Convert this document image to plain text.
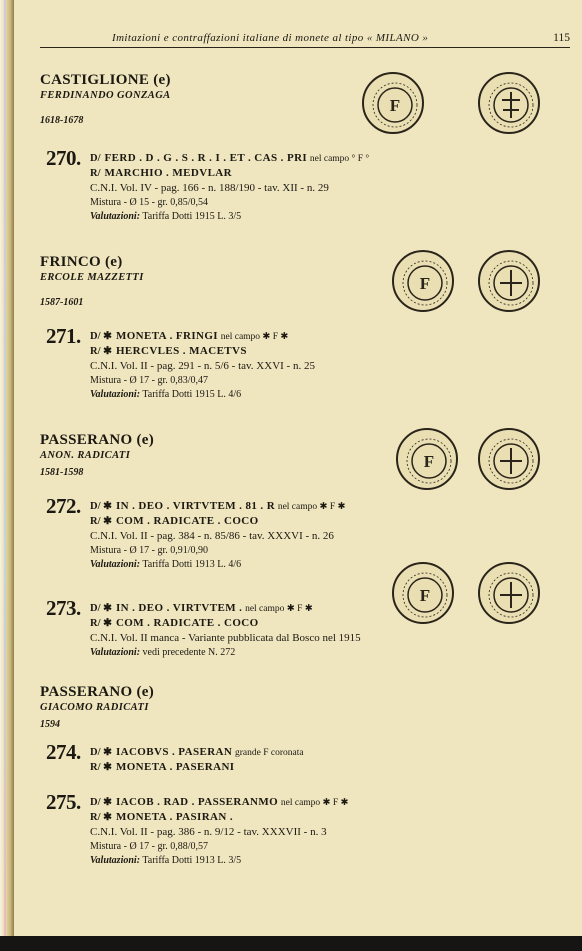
Imitazioni e contraffazioni italiane di monete al tipo « MILANO »	115
CASTIGLIONE (e)
FERDINANDO GONZAGA
1618-1678
F
270. D/ FERD . D . G . S . R . I . ET . CAS . PRI nel campo ° F °
R/ MARCHIO . MEDVLAR
C.N.I. Vol. IV - pag. 166 - n. 188/190 - tav. XII - n. 29
Mistura - Ø 15 - gr. 0,85/0,54
Valutazioni: Tariffa Dotti 1915 L. 3/5
FRINCO (e)
ERCOLE MAZZETTI
1587-1601
F
271. D/ ✱ MONETA . FRINGI nel campo ✱ F ✱
R/ ✱ HERCVLES . MACETVS
C.N.I. Vol. II - pag. 291 - n. 5/6 - tav. XXVI - n. 25
Mistura - Ø 17 - gr. 0,83/0,47
Valutazioni: Tariffa Dotti 1915 L. 4/6
PASSERANO (e)
ANON. RADICATI
1581-1598
F
272. D/ ✱ IN . DEO . VIRTVTEM . 81 . R nel campo ✱ F ✱
R/ ✱ COM . RADICATE . COCO
C.N.I. Vol. II - pag. 384 - n. 85/86 - tav. XXXVI - n. 26
Mistura - Ø 17 - gr. 0,91/0,90
Valutazioni: Tariffa Dotti 1913 L. 4/6
F
273. D/ ✱ IN . DEO . VIRTVTEM . nel campo ✱ F ✱
R/ ✱ COM . RADICATE . COCO
C.N.I. Vol. II manca - Variante pubblicata dal Bosco nel 1915
Valutazioni: vedi precedente N. 272
PASSERANO (e)
GIACOMO RADICATI
1594
274. D/ ✱ IACOBVS . PASERAN grande F coronata
R/ ✱ MONETA . PASERANI
275. D/ ✱ IACOB . RAD . PASSERANMO nel campo ✱ F ✱
R/ ✱ MONETA . PASIRAN .
C.N.I. Vol. II - pag. 386 - n. 9/12 - tav. XXXVII - n. 3
Mistura - Ø 17 - gr. 0,88/0,57
Valutazioni: Tariffa Dotti 1913 L. 3/5
